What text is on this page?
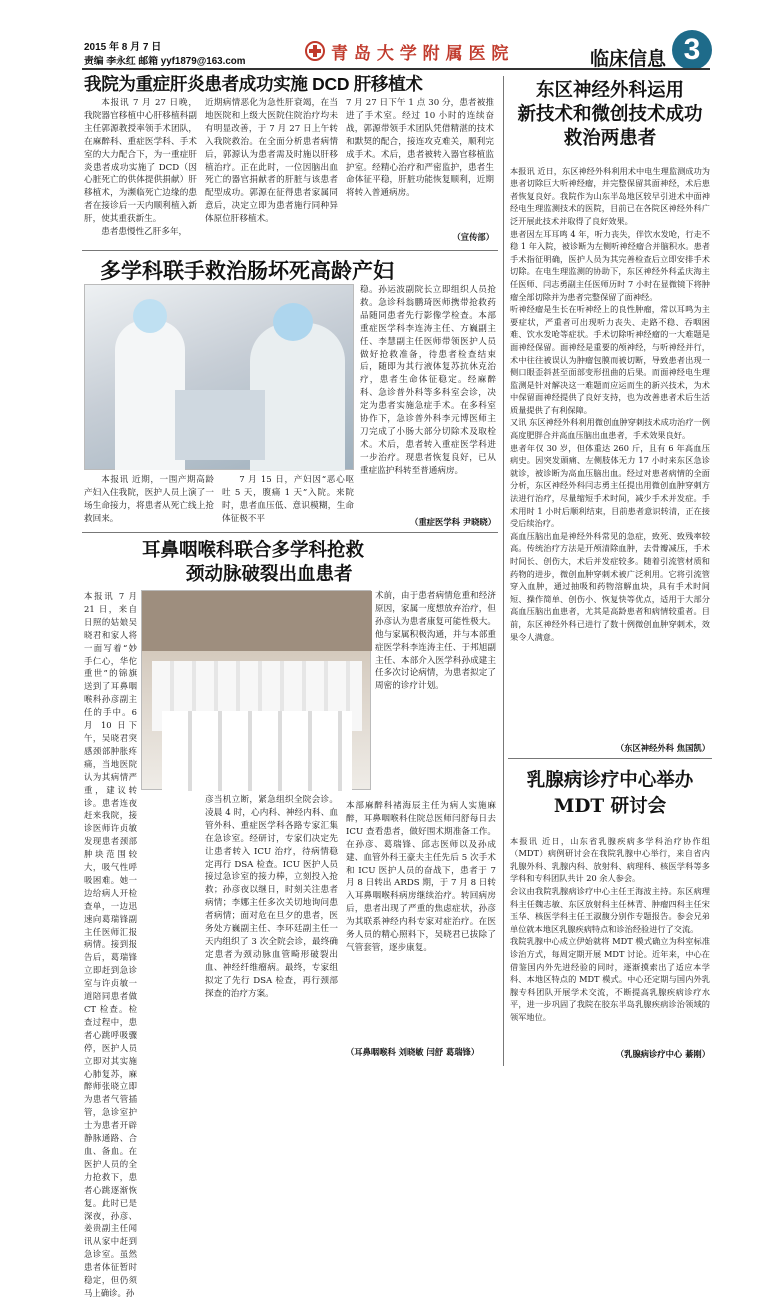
2015 年 8 月 7 日
责编 李永红 邮箱 yyf1879@163.com	青 岛 大 学 附 属 医 院	临床信息 3
我院为重症肝炎患者成功实施 DCD 肝移植术

本报讯 7 月 27 日晚，我院器官移植中心肝移植科副主任郭源教授率领手术团队，在麻醉科、重症医学科、手术室的大力配合下，为一重症肝炎患者成功实施了 DCD（因心脏死亡的供体提供捐献）肝移植术，为濒临死亡边缘的患者在接诊后一天内顺利植入新肝，使其重获新生。

患者患慢性乙肝多年，

近期病情恶化为急性肝衰竭，在当地医院和上级大医院住院治疗均未有明显改善，于 7 月 27 日上午转入我院救治。在全面分析患者病情后，郭源认为患者需及时施以肝移植治疗。正在此时，一位因脑出血死亡的器官捐献者的肝脏与该患者配型成功。郭源在征得患者家属同意后，决定立即为患者施行同种异体原位肝移植术。

7 月 27 日下午 1 点 30 分，患者被推进了手术室。经过 10 小时的连续奋战，郭源带领手术团队凭借精湛的技术和默契的配合，接连攻克难关，顺利完成手术。术后，患者被转入器官移植监护室。经精心治疗和严密监护，患者生命体征平稳，肝脏功能恢复顺利，近期将转入普通病房。

（宣传部）
多学科联手救治肠坏死高龄产妇

本报讯 近期，一围产期高龄产妇入住我院，医护人员上演了一场生命接力，将患者从死亡线上抢救回来。

7 月 15 日，产妇因“恶心呕吐 5 天，腹痛 1 天”入院。来院时，患者血压低、意识模糊，生命体征极不平

稳。孙运波副院长立即组织人员抢救。急诊科翁鹏琦医师携带抢救药品随同患者先行影像学检查。本部重症医学科李连涛主任、方巍副主任、李慧副主任医师带领医护人员做好抢救准备，待患者检查结束后，随即为其行液体复苏抗休克治疗，患者生命体征稳定。经麻醉科、急诊普外科等多科室会诊，决定为患者实施急症手术。在多科室协作下，急诊普外科李元博医师主刀完成了小肠大部分切除术及取栓术。术后，患者转入重症医学科进一步治疗。现患者恢复良好，已从重症监护科转至普通病房。

（重症医学科 尹晓晓）
耳鼻咽喉科联合多学科抢救
颈动脉破裂出血患者

本报讯 7 月 21 日，来自日照的姑娘吴晓君和家人将一面写着“妙手仁心，华佗重世”的锦旗送到了耳鼻咽喉科孙彦副主任的手中。6 月 10 日下午，吴晓君突感颈部肿胀疼痛，当地医院认为其病情严重，建议转诊。患者连夜赶来我院，接诊医师许贞敏发现患者颈部肿块范围较大，吸气性呼吸困难。她一边给病人开检查单，一边迅速向葛瑞锋副主任医师汇报病情。接到报告后，葛瑞锋立即赶到急诊室与许贞敏一道陪同患者做 CT 检查。检查过程中，患者心跳呼吸骤停，医护人员立即对其实施心肺复苏，麻醉师张晓立即为患者气管插管，急诊室护士为患者开辟静脉通路、合血、备血。在医护人员的全力抢救下，患者心跳逐渐恢复。此时已是深夜，孙彦、姜贵副主任闻讯从家中赶到急诊室。虽然患者体征暂时稳定，但仍须马上确诊。孙

彦当机立断，紧急组织全院会诊。凌晨 4 时，心内科、神经内科、血管外科、重症医学科各路专家汇集在急诊室。经研讨，专家们决定先让患者转入 ICU 治疗，待病情稳定再行 DSA 检查。ICU 医护人员接过急诊室的接力棒，立刻投入抢救；孙彦夜以继日，时刻关注患者病情；李娜主任多次关切地询问患者病情；面对危在旦夕的患者，医务处方巍副主任、李环廷副主任一天内组织了 3 次全院会诊，最终确定患者为颈动脉血管畸形破裂出血、神经纤维瘤病。最终，专家组拟定了先行 DSA 检查，再行颈部探查的治疗方案。

术前，由于患者病情危重和经济原因，家属一度想放弃治疗，但孙彦认为患者康复可能性极大。他与家属积极沟通，并与本部重症医学科李连涛主任、于邦旭副主任、本部介入医学科孙成建主任多次讨论病情，为患者拟定了周密的诊疗计划。

本部麻醉科褚海辰主任为病人实施麻醉，耳鼻咽喉科住院总医师闫舒每日去 ICU 查看患者，做好围术期准备工作。在孙彦、葛瑞锋、邱志医师以及孙成建、血管外科王豪夫主任先后 5 次手术和 ICU 医护人员的奋战下，患者于 7 月 8 日转出 ARDS 期，于 7 月 8 日转入耳鼻咽喉科病房继续治疗。转回病房后，患者出现了严重的焦虑症状，孙彦为其联系神经内科专家对症治疗。在医务人员的精心照料下，吴晓君已拔除了气管套管，逐步康复。

（耳鼻咽喉科 刘晓敏 闫舒 葛瑞锋）
东区神经外科运用
新技术和微创技术成功
救治两患者

本报讯 近日，东区神经外科利用术中电生理监测成功为患者切除巨大听神经瘤，并完整保留其面神经，术后患者恢复良好。我院作为山东半岛地区较早引进术中面神经电生理监测技术的医院，目前已在各院区神经外科广泛开展此技术并取得了良好效果。
患者因左耳耳鸣 4 年，听力丧失，伴饮水发呛，行走不稳 1 年入院，被诊断为左侧听神经瘤合并脑积水。患者手术指征明确，医护人员为其完善检查后立即安排手术切除。在电生理监测的协助下，东区神经外科孟庆海主任医师、闫志勇副主任医师历时 7 小时在显微镜下将肿瘤全部切除并为患者完整保留了面神经。
听神经瘤是生长在听神经上的良性肿瘤，常以耳鸣为主要症状，严重者可出现听力丧失、走路不稳、吞咽困难、饮水发呛等症状。手术切除听神经瘤的一大难题是面神经保留。面神经是重要的颅神经，与听神经并行，术中往往被误认为肿瘤包膜而被切断，导致患者出现一侧口眼歪斜甚至面部变形扭曲的后果。而面神经电生理监测是针对解决这一难题而应运而生的新兴技术，为术中保留面神经提供了良好支持，也为改善患者术后生活质量提供了有利保障。
又讯 东区神经外科利用微创血肿穿刺技术成功治疗一例高度肥胖合并高血压脑出血患者，手术效果良好。
患者年仅 30 岁，但体重达 260 斤，且有 6 年高血压病史。因突发頭痛、左侧肢体无力 17 小时来东区急诊就诊，被诊断为高血压脑出血。经过对患者病情的全面分析，东区神经外科闫志勇主任提出用微创血肿穿刺方法进行治疗，尽量缩短手术时间，减少手术并发症。手术用时 1 小时后顺利结束，目前患者意识转清，正在接受后续治疗。
高血压脑出血是神经外科常见的急症，致死、致残率较高。传统治疗方法是开颅清除血肿，去骨瓣减压，手术时间长、创伤大，术后并发症较多。随着引流管材质和药物的进步，微创血肿穿刺术被广泛利用。它将引流管穿入血肿，通过抽吸和药物溶解血块，具有手术时间短、操作简单、创伤小、恢复快等优点，适用于大部分高血压脑出血患者，尤其是高龄患者和病情较重者。目前，东区神经外科已进行了数十例微创血肿穿刺术，效果令人满意。

（东区神经外科 焦国凯）
乳腺病诊疗中心举办
MDT 研讨会

本报讯 近日，山东省乳腺疾病多学科治疗协作组（MDT）病例研讨会在我院乳腺中心举行，来自省内乳腺外科、乳腺内科、放射科、病理科、核医学科等多学科和专科团队共计 20 余人参会。
会议由我院乳腺病诊疗中心主任王海波主持。东区病理科主任魏志敏、东区放射科主任林青、肿瘤四科主任宋玉华、核医学科主任王淑馥分别作专题报告。参会兄弟单位就本地区乳腺疾病特点和诊治经验进行了交流。
我院乳腺中心成立伊始就将 MDT 模式确立为科室标准诊治方式，每周定期开展 MDT 讨论。近年来，中心在借鉴国内外先进经验的同时，逐渐摸索出了适应本学科、本地区特点的 MDT 模式。中心还定期与国内外乳腺专科团队开展学术交流，不断提高乳腺疾病诊疗水平，进一步巩固了我院在胶东半岛乳腺疾病诊治领域的领军地位。

（乳腺病诊疗中心 綦刚）
